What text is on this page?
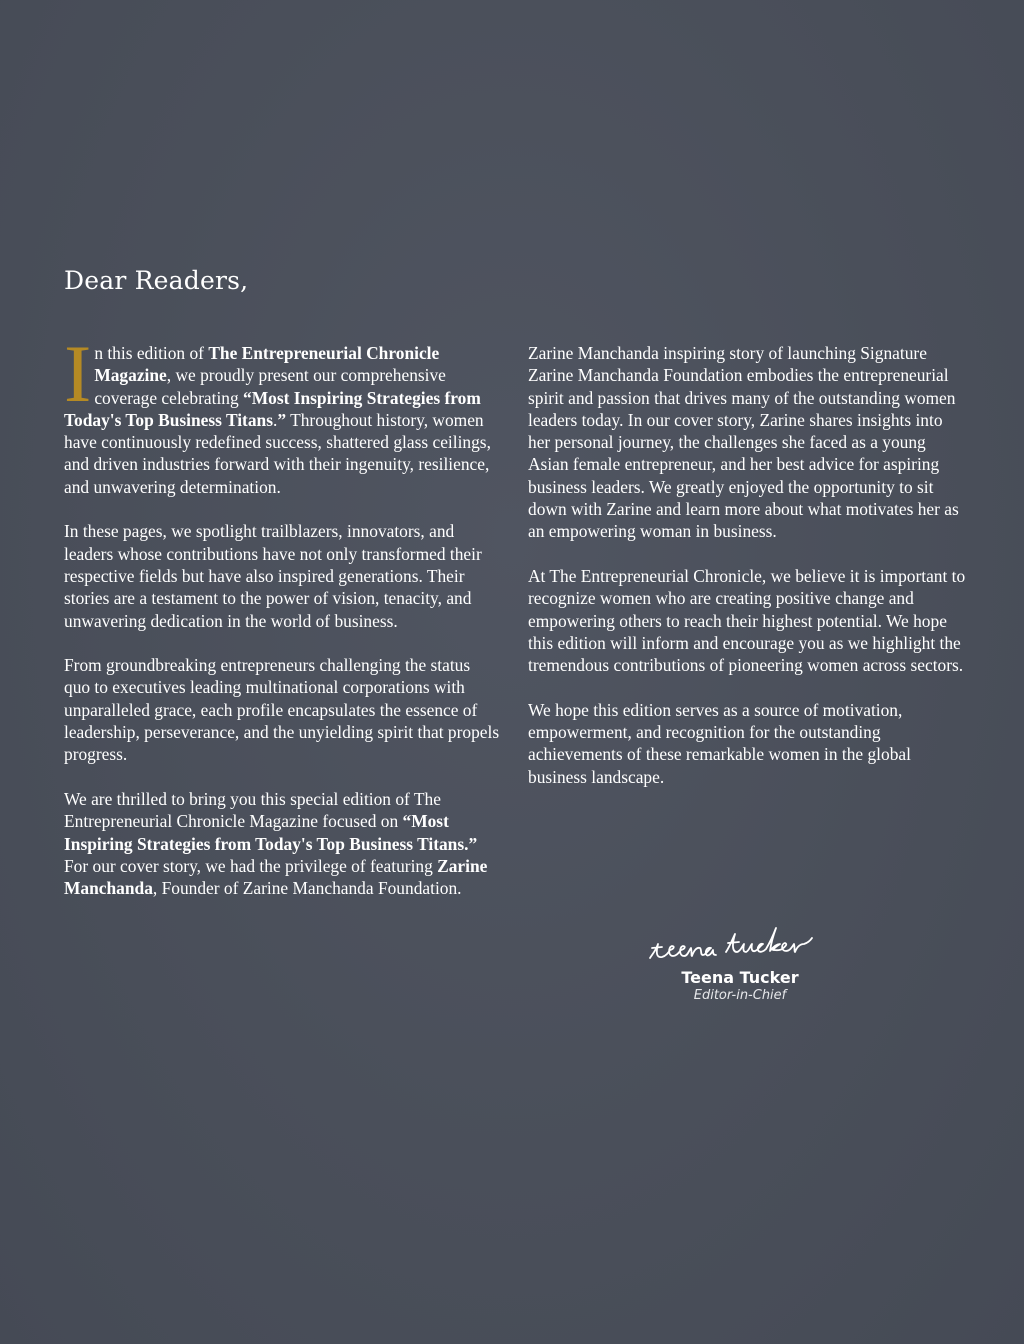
Dear Readers,

In this edition of The Entrepreneurial Chronicle Magazine, we proudly present our comprehensive coverage celebrating “Most Inspiring Strategies from Today's Top Business Titans.” Throughout history, women have continuously redefined success, shattered glass ceilings, and driven industries forward with their ingenuity, resilience, and unwavering determination.

In these pages, we spotlight trailblazers, innovators, and leaders whose contributions have not only transformed their respective fields but have also inspired generations. Their stories are a testament to the power of vision, tenacity, and unwavering dedication in the world of business.

From groundbreaking entrepreneurs challenging the status quo to executives leading multinational corporations with unparalleled grace, each profile encapsulates the essence of leadership, perseverance, and the unyielding spirit that propels progress.

We are thrilled to bring you this special edition of The Entrepreneurial Chronicle Magazine focused on “Most Inspiring Strategies from Today's Top Business Titans.” For our cover story, we had the privilege of featuring Zarine Manchanda, Founder of Zarine Manchanda Foundation.

Zarine Manchanda inspiring story of launching Signature Zarine Manchanda Foundation embodies the entrepreneurial spirit and passion that drives many of the outstanding women leaders today. In our cover story, Zarine shares insights into her personal journey, the challenges she faced as a young Asian female entrepreneur, and her best advice for aspiring business leaders. We greatly enjoyed the opportunity to sit down with Zarine and learn more about what motivates her as an empowering woman in business.

At The Entrepreneurial Chronicle, we believe it is important to recognize women who are creating positive change and empowering others to reach their highest potential. We hope this edition will inform and encourage you as we highlight the tremendous contributions of pioneering women across sectors.

We hope this edition serves as a source of motivation, empowerment, and recognition for the outstanding achievements of these remarkable women in the global business landscape.

Teena Tucker
Editor-in-Chief
